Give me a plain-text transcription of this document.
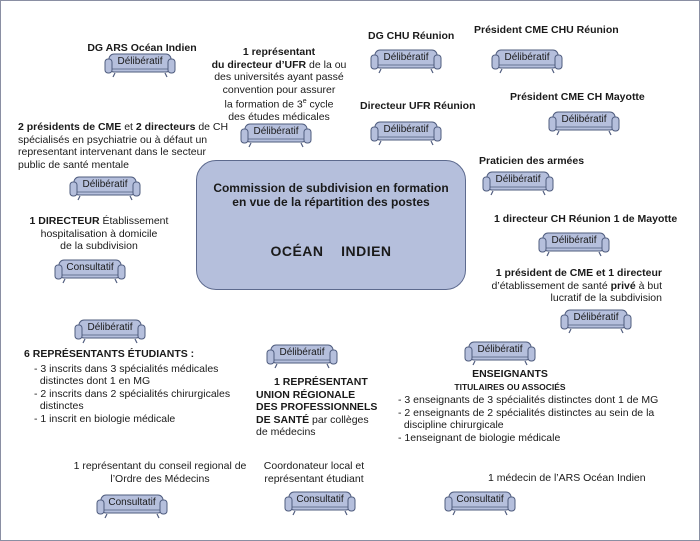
Commission de subdivision en formation
en vue de la répartition des postes
OCÉAN INDIEN
DG ARS Océan Indien	1 représentant
du directeur d’UFR de la ou
des universités ayant passé
convention pour assurer
la formation de 3e cycle
des études médicales
DG CHU Réunion Président CME CHU Réunion
Directeur UFR Réunion
Président CME CH Mayotte
2 présidents de CME et 2 directeurs de CH
spécialisés en psychiatrie ou à défaut un
representant intervenant dans le secteur
public de santé mentale	Praticien des armées
1 DIRECTEUR Établissement
hospitalisation à domicile
de la subdivision
1 directeur CH Réunion 1 de Mayotte
1 président de CME et 1 directeur
d’établissement de santé privé à but
lucratif de la subdivision
6 REPRÉSENTANTS ÉTUDIANTS :
- 3 inscrits dans 3 spécialités médicales
distinctes dont 1 en MG
- 2 inscrits dans 2 spécialités chirurgicales
distinctes
- 1 inscrit en biologie médicale
1 REPRÉSENTANT
UNION RÉGIONALE
DES PROFESSIONNELS
DE SANTÉ par collèges
de médecins
ENSEIGNANTS
TITULAIRES OU ASSOCIÉS
- 3 enseignants de 3 spécialités distinctes dont 1 de MG
- 2 enseignants de 2 spécialités distinctes au sein de la
discipline chirurgicale
- 1enseignant de biologie médicale
1 représentant du conseil regional de
l’Ordre des Médecins
Coordonateur local et
représentant étudiant	1 médecin de l’ARS Océan Indien
Délibératif	Délibératif	Délibératif
Délibératif
Délibératif
Délibératif
Délibératif	Délibératif
Délibératif
Consultatif
Délibératif
Délibératif
Délibératif	Délibératif
Consultatif	Consultatif	Consultatif
